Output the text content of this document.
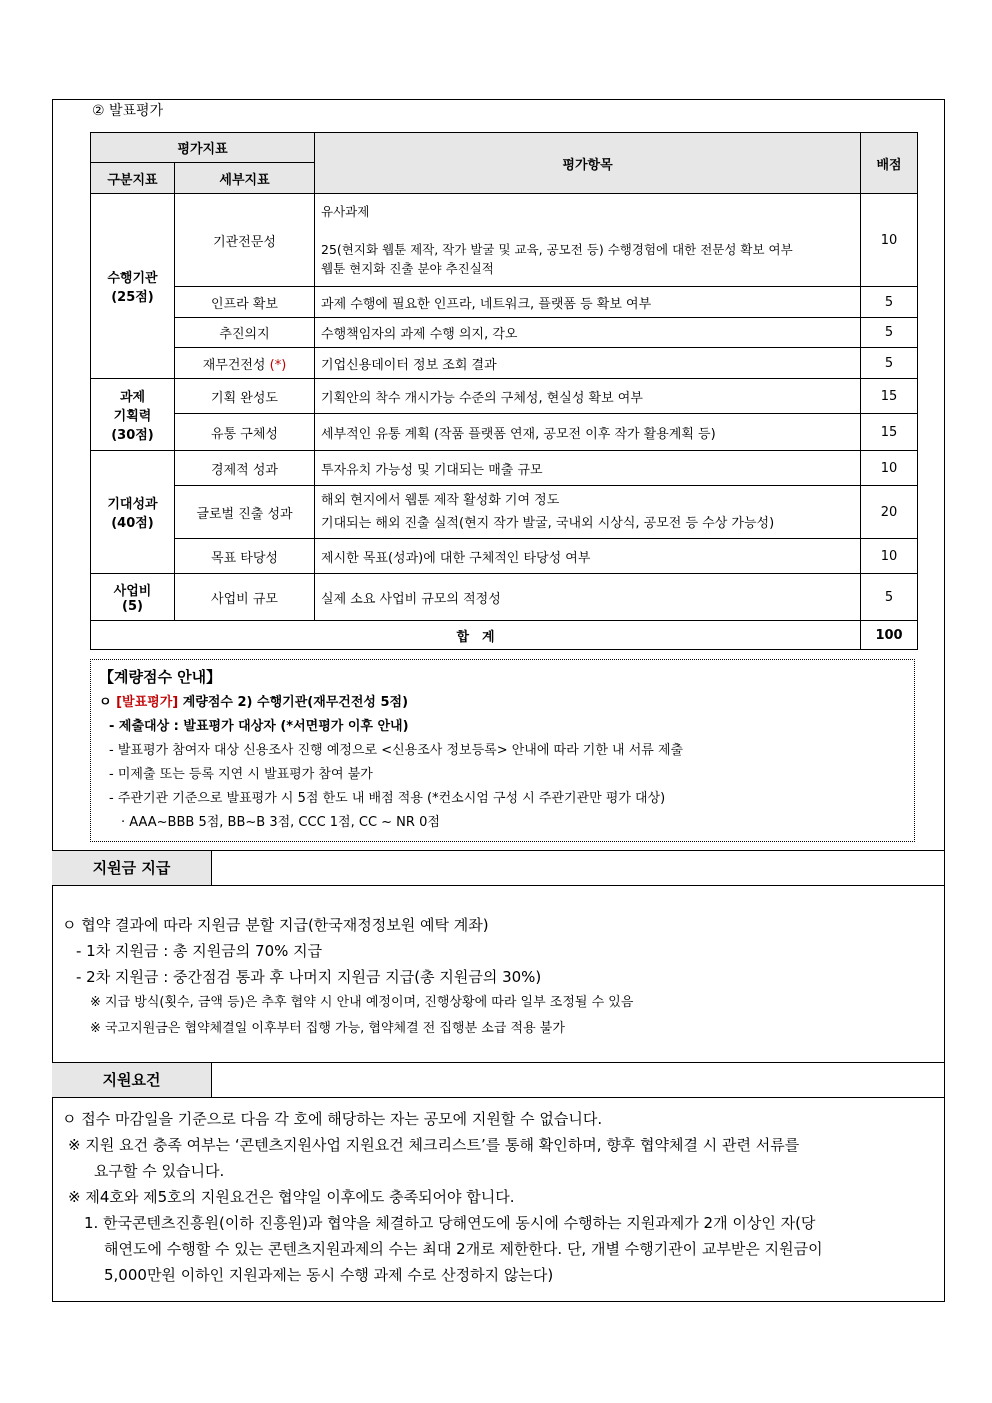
② 발표평가
평가지표		평가항목	배점
구분지표	세부지표		
수행기관
(25점)	기관전문성	유사과제

25(현지화 웹툰 제작, 작가 발굴 및 교육, 공모전 등) 수행경험에 대한 전문성 확보 여부
웹툰 현지화 진출 분야 추진실적	10
	인프라 확보	과제 수행에 필요한 인프라, 네트워크, 플랫폼 등 확보 여부	5
	추진의지	수행책임자의 과제 수행 의지, 각오	5
	재무건전성 (*)	기업신용데이터 정보 조회 결과	5
과제
기획력
(30점)	기획 완성도	기획안의 착수 개시가능 수준의 구체성, 현실성 확보 여부	15
	유통 구체성	세부적인 유통 계획 (작품 플랫폼 연재, 공모전 이후 작가 활용계획 등)	15
기대성과
(40점)	경제적 성과	투자유치 가능성 및 기대되는 매출 규모	10
	글로벌 진출 성과	해외 현지에서 웹툰 제작 활성화 기여 정도
기대되는 해외 진출 실적(현지 작가 발굴, 국내외 시상식, 공모전 등 수상 가능성)	20
	목표 타당성	제시한 목표(성과)에 대한 구체적인 타당성 여부	10
사업비
(5)	사업비 규모	실제 소요 사업비 규모의 적정성	5
합　계			100
【계량점수 안내】
ㅇ [발표평가] 계량점수 2) 수행기관(재무건전성 5점)
- 제출대상 : 발표평가 대상자 (*서면평가 이후 안내)
- 발표평가 참여자 대상 신용조사 진행 예정으로 <신용조사 정보등록> 안내에 따라 기한 내 서류 제출
- 미제출 또는 등록 지연 시 발표평가 참여 불가
- 주관기관 기준으로 발표평가 시 5점 한도 내 배점 적용 (*컨소시엄 구성 시 주관기관만 평가 대상)
· AAA~BBB 5점, BB~B 3점, CCC 1점, CC ~ NR 0점
지원금 지급
ㅇ 협약 결과에 따라 지원금 분할 지급(한국재정정보원 예탁 계좌)
- 1차 지원금 : 총 지원금의 70% 지급
- 2차 지원금 : 중간점검 통과 후 나머지 지원금 지급(총 지원금의 30%)
※ 지급 방식(횟수, 금액 등)은 추후 협약 시 안내 예정이며, 진행상황에 따라 일부 조정될 수 있음
※ 국고지원금은 협약체결일 이후부터 집행 가능, 협약체결 전 집행분 소급 적용 불가
지원요건
ㅇ 접수 마감일을 기준으로 다음 각 호에 해당하는 자는 공모에 지원할 수 없습니다.
※ 지원 요건 충족 여부는 ‘콘텐츠지원사업 지원요건 체크리스트’를 통해 확인하며, 향후 협약체결 시 관련 서류를
요구할 수 있습니다.
※ 제4호와 제5호의 지원요건은 협약일 이후에도 충족되어야 합니다.
1. 한국콘텐츠진흥원(이하 진흥원)과 협약을 체결하고 당해연도에 동시에 수행하는 지원과제가 2개 이상인 자(당
해연도에 수행할 수 있는 콘텐츠지원과제의 수는 최대 2개로 제한한다. 단, 개별 수행기관이 교부받은 지원금이
5,000만원 이하인 지원과제는 동시 수행 과제 수로 산정하지 않는다)
